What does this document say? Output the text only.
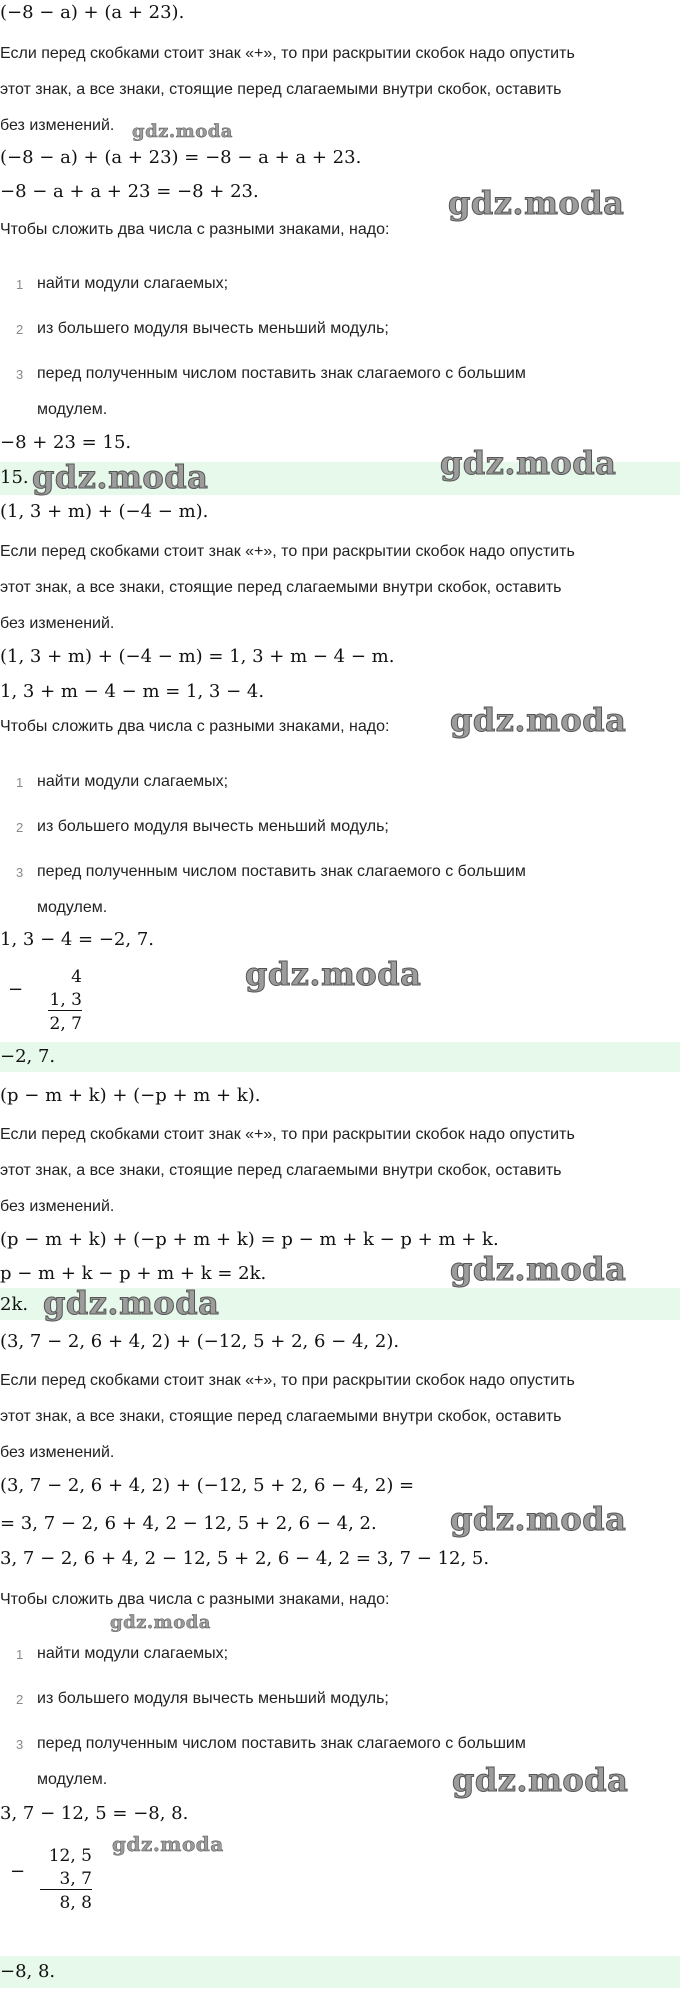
(−8 − a) + (a + 23).
Если перед скобками стоит знак «+», то при раскрытии скобок надо опустить
этот знак, а все знаки, стоящие перед слагаемыми внутри скобок, оставить
без изменений. gdz.moda
(−8 − a) + (a + 23) = −8 − a + a + 23.
−8 − a + a + 23 = −8 + 23.	gdz.moda
Чтобы сложить два числа с разными знаками, надо:
1 найти модули слагаемых;
2 из большего модуля вычесть меньший модуль;
3 перед полученным числом поставить знак слагаемого с большим
модулем.
−8 + 23 = 15.
gdz.moda
15. gdz.moda
(1, 3 + m) + (−4 − m).
Если перед скобками стоит знак «+», то при раскрытии скобок надо опустить
этот знак, а все знаки, стоящие перед слагаемыми внутри скобок, оставить
без изменений.
(1, 3 + m) + (−4 − m) = 1, 3 + m − 4 − m.
1, 3 + m − 4 − m = 1, 3 − 4.
Чтобы сложить два числа с разными знаками, надо: gdz.moda
1 найти модули слагаемых;
2 из большего модуля вычесть меньший модуль;
3 перед полученным числом поставить знак слагаемого с большим
модулем.
1, 3 − 4 = −2, 7.
−
4
1, 3
2, 7
gdz.moda
−2, 7.
(p − m + k) + (−p + m + k).
Если перед скобками стоит знак «+», то при раскрытии скобок надо опустить
этот знак, а все знаки, стоящие перед слагаемыми внутри скобок, оставить
без изменений.
(p − m + k) + (−p + m + k) = p − m + k − p + m + k.
p − m + k − p + m + k = 2k.	gdz.moda
2k. gdz.moda
(3, 7 − 2, 6 + 4, 2) + (−12, 5 + 2, 6 − 4, 2).
Если перед скобками стоит знак «+», то при раскрытии скобок надо опустить
этот знак, а все знаки, стоящие перед слагаемыми внутри скобок, оставить
без изменений.
(3, 7 − 2, 6 + 4, 2) + (−12, 5 + 2, 6 − 4, 2) =
= 3, 7 − 2, 6 + 4, 2 − 12, 5 + 2, 6 − 4, 2. gdz.moda
3, 7 − 2, 6 + 4, 2 − 12, 5 + 2, 6 − 4, 2 = 3, 7 − 12, 5.
Чтобы сложить два числа с разными знаками, надо:
gdz.moda
1 найти модули слагаемых;
2 из большего модуля вычесть меньший модуль;
3 перед полученным числом поставить знак слагаемого с большим
модулем.	gdz.moda
3, 7 − 12, 5 = −8, 8.
−
12, 5
3, 7
8, 8
gdz.moda
−8, 8.
